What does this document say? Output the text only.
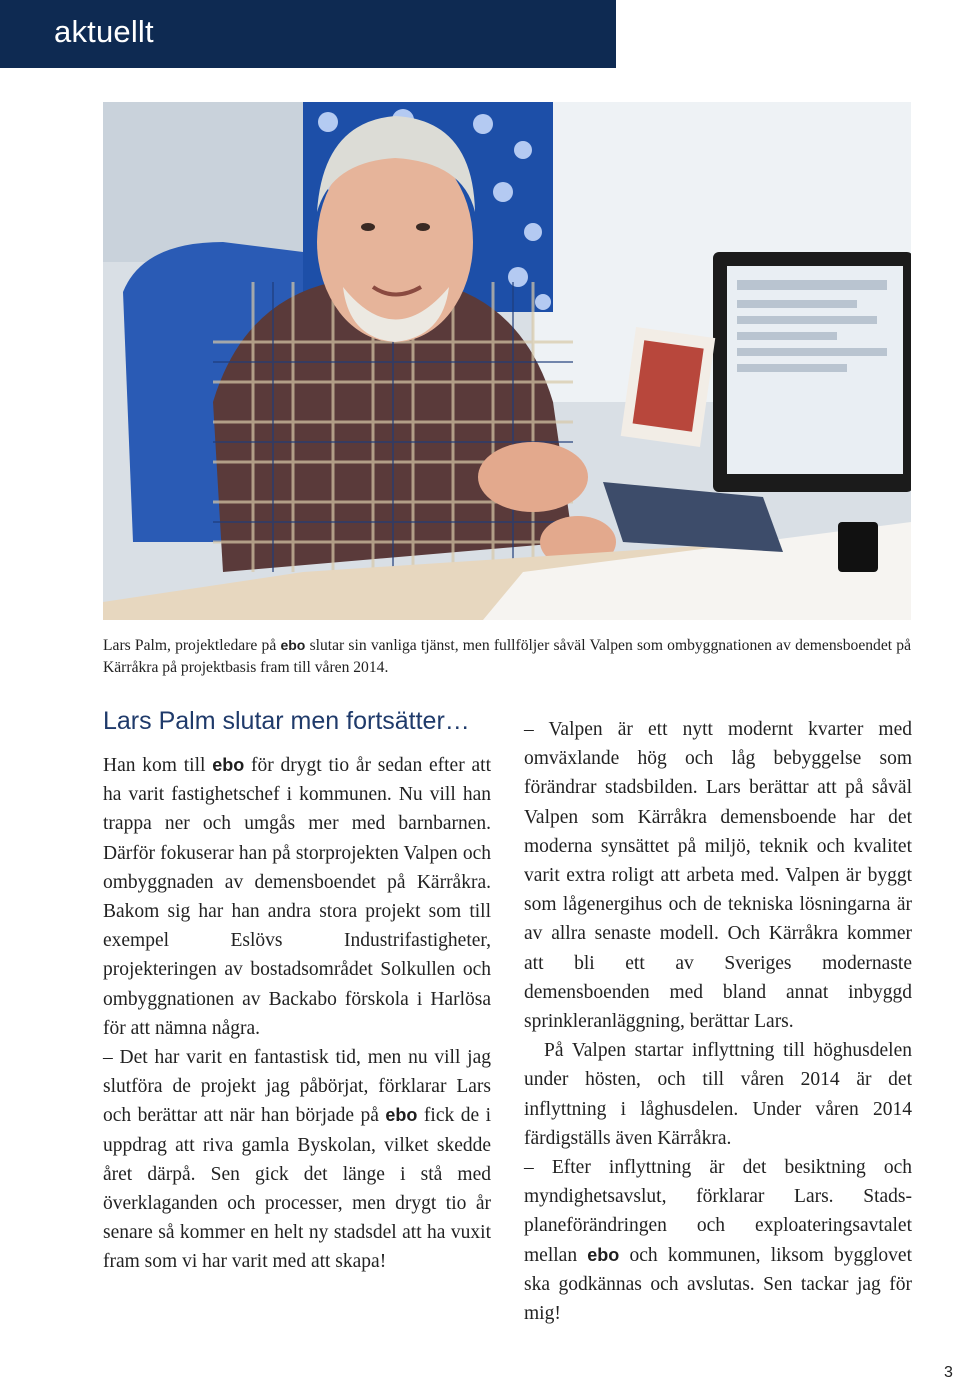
aktuellt
Lars Palm, projektledare på ebo slutar sin vanliga tjänst, men fullföljer såväl Valpen som ombyggnationen av demensboendet på Kärråkra på projektbasis fram till våren 2014.
Lars Palm slutar men fortsätter…

Han kom till ebo för drygt tio år sedan efter att ha varit fastighetschef i kommunen. Nu vill han trappa ner och umgås mer med barnbarnen. Därför fokuserar han på storprojekten Valpen och ombyggnaden av demensboendet på Kärråkra. Bakom sig har han andra stora projekt som till exempel Eslövs Industrifastigheter, projekteringen av bostadsområdet Solkullen och ombyggnationen av Backabo förskola i Harlösa för att nämna några.

– Det har varit en fantastisk tid, men nu vill jag slutföra de projekt jag påbörjat, förklarar Lars och berättar att när han började på ebo fick de i uppdrag att riva gamla Byskolan, vilket skedde året därpå. Sen gick det länge i stå med överklaganden och processer, men drygt tio år senare så kommer en helt ny stadsdel att ha vuxit fram som vi har varit med att skapa!

– Valpen är ett nytt modernt kvarter med omväxlande hög och låg bebyggelse som förändrar stadsbilden. Lars berättar att på såväl Valpen som Kärråkra demensboende har det moderna synsättet på miljö, teknik och kvalitet varit extra roligt att arbeta med. Valpen är byggt som lågenergihus och de tekniska lösningarna är av allra senaste modell. Och Kärråkra kommer att bli ett av Sveriges modernaste demensboenden med bland annat inbyggd sprinkleranläggning, berättar Lars.

På Valpen startar inflyttning till höghusdelen under hösten, och till våren 2014 är det inflyttning i låghusdelen. Under våren 2014 färdigställs även Kärråkra.

– Efter inflyttning är det besiktning och myndighetsavslut, förklarar Lars. Stadsplaneförändringen och exploateringsavtalet mellan ebo och kommunen, liksom bygglovet ska godkännas och avslutas. Sen tackar jag för mig!

3
